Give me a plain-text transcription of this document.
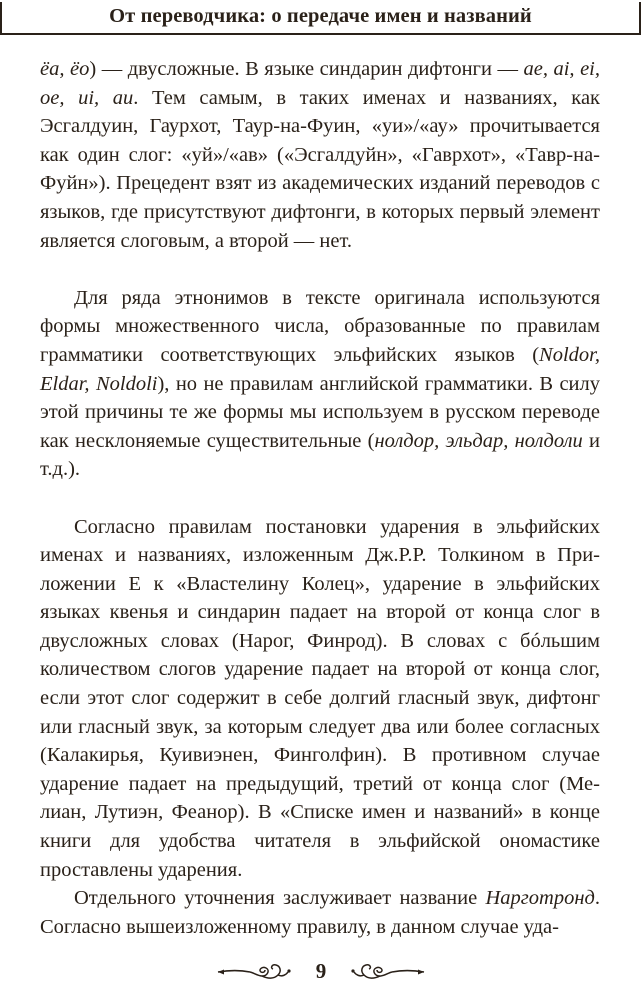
От переводчика: о передаче имен и названий

ёa, ёo) — двусложные. В языке синдарин дифтонги — ae, ai, ei, oe, ui, au. Тем самым, в таких именах и названиях, как Эсгалдуин, Гаурхот, Таур-на-Фуин, «уи»/«ау» прочитывается как один слог: «уй»/«ав» («Эсгалдуйн», «Гаврхот», «Тавр-на-Фуйн»). Прецедент взят из академических изданий переводов с языков, где присутствуют дифтонги, в которых первый элемент является слоговым, а второй — нет.

Для ряда этнонимов в тексте оригинала используются формы множественного числа, образованные по правилам грамматики соответствующих эльфийских языков (Noldor, Eldar, Noldoli), но не правилам английской грамматики. В силу этой причины те же формы мы используем в русском переводе как несклоняемые существительные (нолдор, эльдар, нолдоли и т.д.).

Согласно правилам постановки ударения в эльфийских именах и названиях, изложенным Дж.Р.Р. Толкином в Приложении Е к «Властелину Колец», ударение в эльфийских языках квенья и синдарин падает на второй от конца слог в двусложных словах (Нарог, Финрод). В словах с бóльшим количеством слогов ударение падает на второй от конца слог, если этот слог содержит в себе долгий гласный звук, дифтонг или гласный звук, за которым следует два или более согласных (Калакирья, Куивиэнен, Финголфин). В противном случае ударение падает на предыдущий, третий от конца слог (Мелиан, Лутиэн, Феанор). В «Списке имен и названий» в конце книги для удобства читателя в эльфийской ономастике проставлены ударения.

Отдельного уточнения заслуживает название Нарготронд. Согласно вышеизложенному правилу, в данном случае уда-

9
